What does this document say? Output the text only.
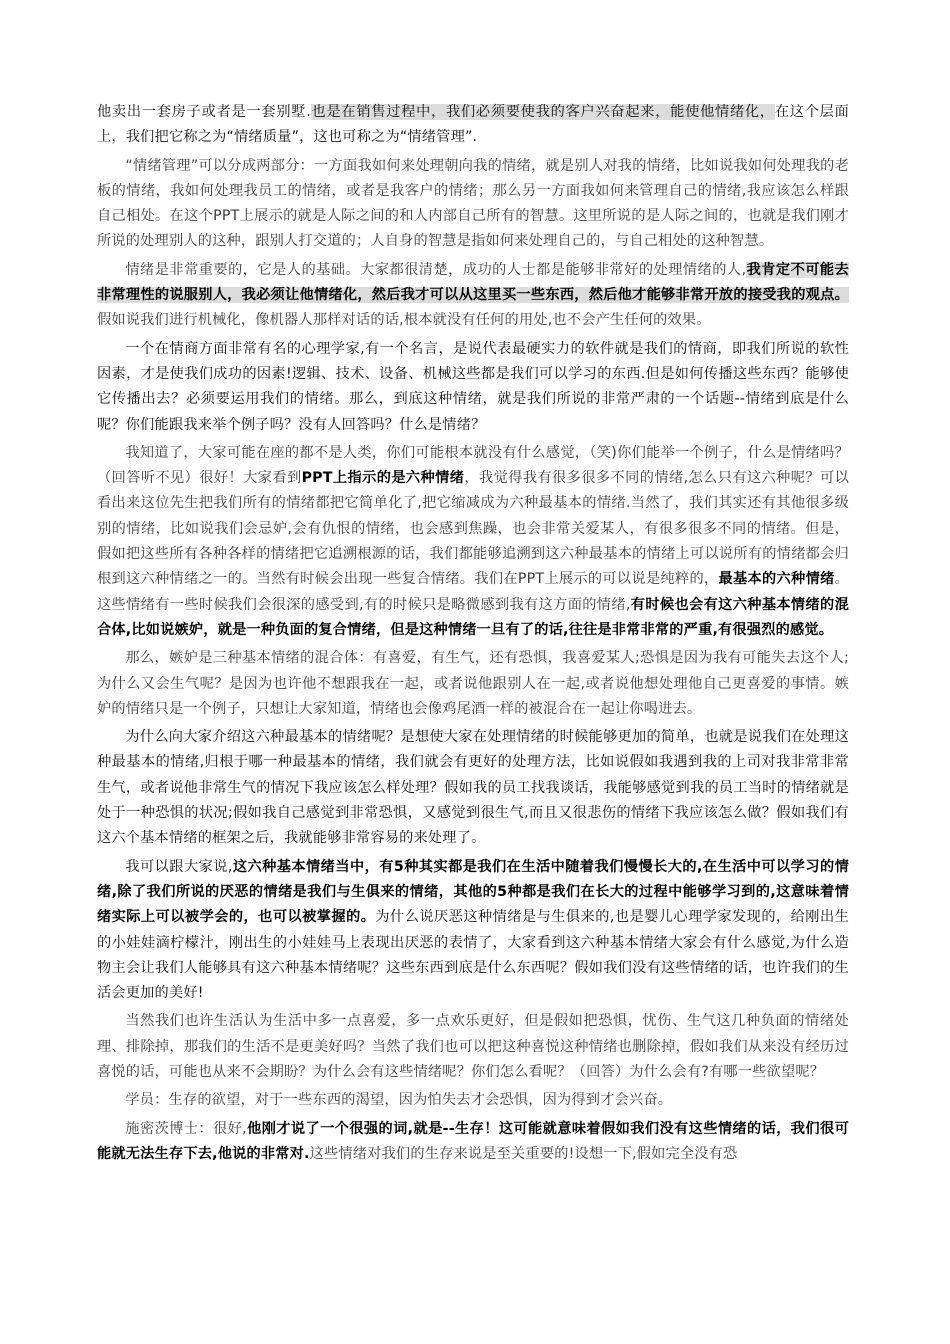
他卖出一套房子或者是一套别墅.也是在销售过程中，我们必须要使我的客户兴奋起来，能使他情绪化，在这个层面上，我们把它称之为“情绪质量”，这也可称之为“情绪管理”.

“情绪管理”可以分成两部分：一方面我如何来处理朝向我的情绪，就是别人对我的情绪，比如说我如何处理我的老板的情绪，我如何处理我员工的情绪，或者是我客户的情绪；那么另一方面我如何来管理自己的情绪,我应该怎么样跟自己相处。在这个PPT上展示的就是人际之间的和人内部自己所有的智慧。这里所说的是人际之间的，也就是我们刚才所说的处理别人的这种，跟别人打交道的；人自身的智慧是指如何来处理自己的，与自己相处的这种智慧。

情绪是非常重要的，它是人的基础。大家都很清楚，成功的人士都是能够非常好的处理情绪的人,我肯定不可能去非常理性的说服别人，我必须让他情绪化，然后我才可以从这里买一些东西，然后他才能够非常开放的接受我的观点。假如说我们进行机械化，像机器人那样对话的话,根本就没有任何的用处,也不会产生任何的效果。

一个在情商方面非常有名的心理学家,有一个名言，是说代表最硬实力的软件就是我们的情商，即我们所说的软性因素，才是使我们成功的因素!逻辑、技术、设备、机械这些都是我们可以学习的东西.但是如何传播这些东西？能够使它传播出去？必须要运用我们的情绪。那么，到底这种情绪，就是我们所说的非常严肃的一个话题--情绪到底是什么呢？你们能跟我来举个例子吗？没有人回答吗？什么是情绪？

我知道了，大家可能在座的都不是人类，你们可能根本就没有什么感觉，（笑)你们能举一个例子，什么是情绪吗？（回答听不见）很好！大家看到PPT上指示的是六种情绪，我觉得我有很多很多不同的情绪,怎么只有这六种呢？可以看出来这位先生把我们所有的情绪都把它简单化了,把它缩减成为六种最基本的情绪.当然了，我们其实还有其他很多级别的情绪，比如说我们会忌妒,会有仇恨的情绪，也会感到焦躁，也会非常关爱某人，有很多很多不同的情绪。但是，假如把这些所有各种各样的情绪把它追溯根源的话，我们都能够追溯到这六种最基本的情绪上可以说所有的情绪都会归根到这六种情绪之一的。当然有时候会出现一些复合情绪。我们在PPT上展示的可以说是纯粹的，最基本的六种情绪。这些情绪有一些时候我们会很深的感受到,有的时候只是略微感到我有这方面的情绪,有时候也会有这六种基本情绪的混合体,比如说嫉妒，就是一种负面的复合情绪，但是这种情绪一旦有了的话,往往是非常非常的严重,有很强烈的感觉。

那么，嫉妒是三种基本情绪的混合体：有喜爱，有生气，还有恐惧，我喜爱某人;恐惧是因为我有可能失去这个人;为什么又会生气呢？是因为也许他不想跟我在一起，或者说他跟别人在一起,或者说他想处理他自己更喜爱的事情。嫉妒的情绪只是一个例子，只想让大家知道，情绪也会像鸡尾酒一样的被混合在一起让你喝进去。

为什么向大家介绍这六种最基本的情绪呢？是想使大家在处理情绪的时候能够更加的简单，也就是说我们在处理这种最基本的情绪,归根于哪一种最基本的情绪，我们就会有更好的处理方法，比如说假如我遇到我的上司对我非常非常生气，或者说他非常生气的情况下我应该怎么样处理？假如我的员工找我谈话，我能够感觉到我的员工当时的情绪就是处于一种恐惧的状况;假如我自己感觉到非常恐惧，又感觉到很生气,而且又很悲伤的情绪下我应该怎么做？假如我们有这六个基本情绪的框架之后，我就能够非常容易的来处理了。

我可以跟大家说,这六种基本情绪当中，有5种其实都是我们在生活中随着我们慢慢长大的,在生活中可以学习的情绪,除了我们所说的厌恶的情绪是我们与生俱来的情绪，其他的5种都是我们在长大的过程中能够学习到的,这意味着情绪实际上可以被学会的，也可以被掌握的。为什么说厌恶这种情绪是与生俱来的,也是婴儿心理学家发现的，给刚出生的小娃娃滴柠檬汁，刚出生的小娃娃马上表现出厌恶的表情了，大家看到这六种基本情绪大家会有什么感觉,为什么造物主会让我们人能够具有这六种基本情绪呢？这些东西到底是什么东西呢？假如我们没有这些情绪的话，也许我们的生活会更加的美好!

当然我们也许生活认为生活中多一点喜爱，多一点欢乐更好，但是假如把恐惧，忧伤、生气这几种负面的情绪处理、排除掉，那我们的生活不是更美好吗？当然了我们也可以把这种喜悦这种情绪也删除掉，假如我们从来没有经历过喜悦的话，可能也从来不会期盼？为什么会有这些情绪呢？你们怎么看呢？（回答）为什么会有?有哪一些欲望呢？

学员：生存的欲望，对于一些东西的渴望，因为怕失去才会恐惧，因为得到才会兴奋。

施密茨博士：很好,他刚才说了一个很强的词,就是--生存！这可能就意味着假如我们没有这些情绪的话，我们很可能就无法生存下去,他说的非常对.这些情绪对我们的生存来说是至关重要的!设想一下,假如完全没有恐
